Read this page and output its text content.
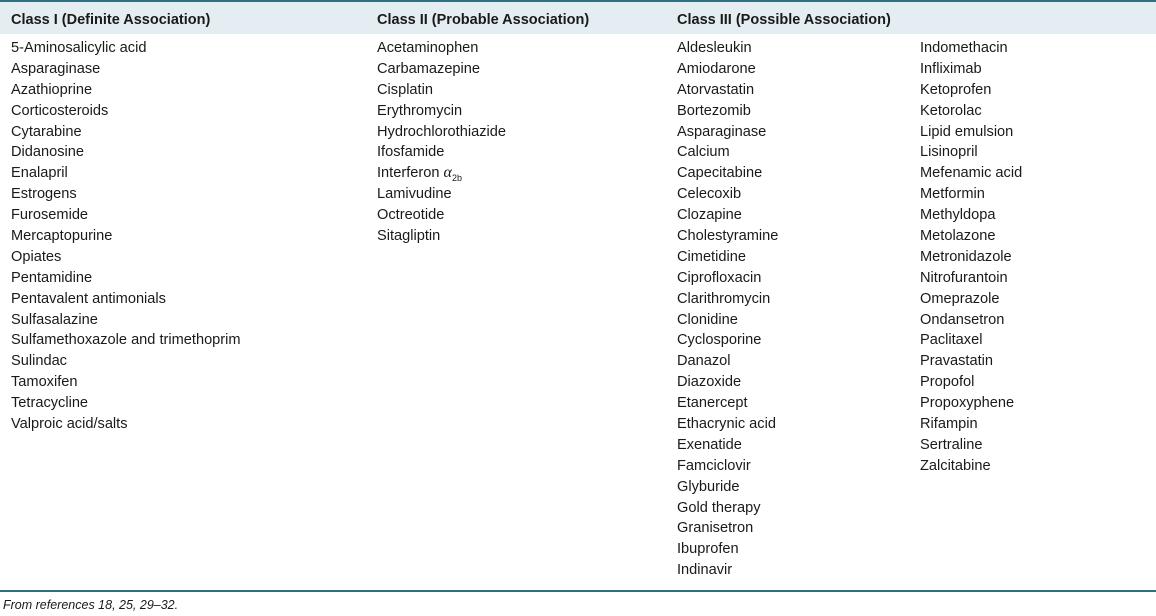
Class I (Definite Association)	Class II (Probable Association)	Class III (Possible Association)
5-Aminosalicylic acid
Asparaginase
Azathioprine
Corticosteroids
Cytarabine
Didanosine
Enalapril
Estrogens
Furosemide
Mercaptopurine
Opiates
Pentamidine
Pentavalent antimonials
Sulfasalazine
Sulfamethoxazole and trimethoprim
Sulindac
Tamoxifen
Tetracycline
Valproic acid/salts
Acetaminophen
Carbamazepine
Cisplatin
Erythromycin
Hydrochlorothiazide
Ifosfamide
Interferon $\alpha_{2b}$
Lamivudine
Octreotide
Sitagliptin
Aldesleukin
Amiodarone
Atorvastatin
Bortezomib
Asparaginase
Calcium
Capecitabine
Celecoxib
Clozapine
Cholestyramine
Cimetidine
Ciprofloxacin
Clarithromycin
Clonidine
Cyclosporine
Danazol
Diazoxide
Etanercept
Ethacrynic acid
Exenatide
Famciclovir
Glyburide
Gold therapy
Granisetron
Ibuprofen
Indinavir
Indomethacin
Infliximab
Ketoprofen
Ketorolac
Lipid emulsion
Lisinopril
Mefenamic acid
Metformin
Methyldopa
Metolazone
Metronidazole
Nitrofurantoin
Omeprazole
Ondansetron
Paclitaxel
Pravastatin
Propofol
Propoxyphene
Rifampin
Sertraline
Zalcitabine
From references 18, 25, 29–32.
